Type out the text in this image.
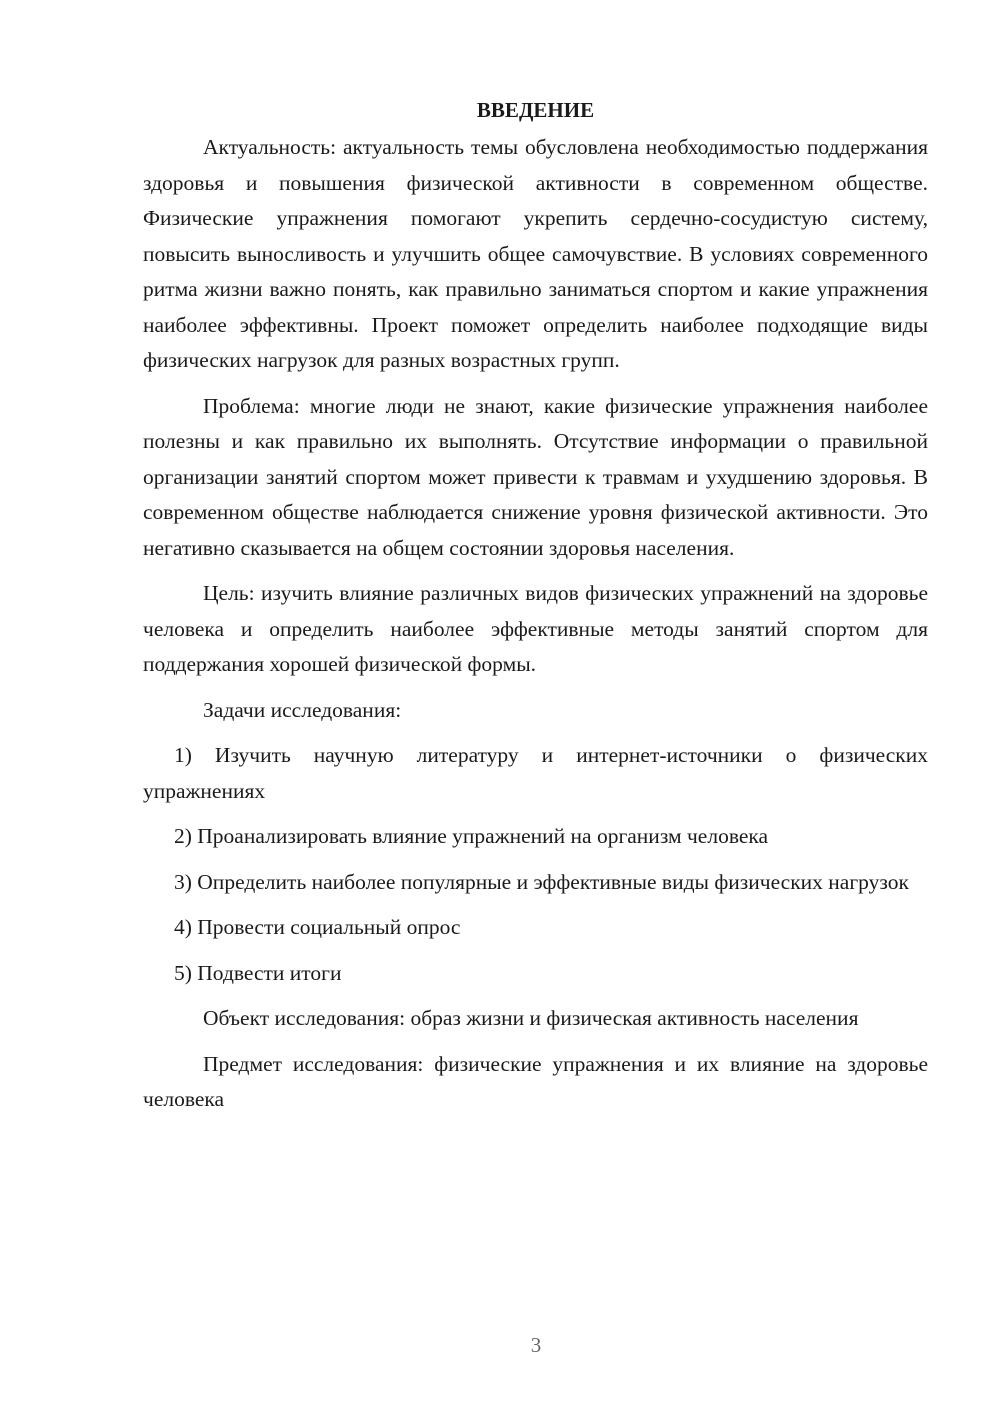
ВВЕДЕНИЕ

Актуальность: актуальность темы обусловлена необходимостью поддержания здоровья и повышения физической активности в современном обществе. Физические упражнения помогают укрепить сердечно-сосудистую систему, повысить выносливость и улучшить общее самочувствие. В условиях современного ритма жизни важно понять, как правильно заниматься спортом и какие упражнения наиболее эффективны. Проект поможет определить наиболее подходящие виды физических нагрузок для разных возрастных групп.

Проблема: многие люди не знают, какие физические упражнения наиболее полезны и как правильно их выполнять. Отсутствие информации о правильной организации занятий спортом может привести к травмам и ухудшению здоровья. В современном обществе наблюдается снижение уровня физической активности. Это негативно сказывается на общем состоянии здоровья населения.

Цель: изучить влияние различных видов физических упражнений на здоровье человека и определить наиболее эффективные методы занятий спортом для поддержания хорошей физической формы.

Задачи исследования:

1) Изучить научную литературу и интернет-источники о физических упражнениях

2) Проанализировать влияние упражнений на организм человека

3) Определить наиболее популярные и эффективные виды физических нагрузок

4) Провести социальный опрос

5) Подвести итоги

Объект исследования: образ жизни и физическая активность населения

Предмет исследования: физические упражнения и их влияние на здоровье человека

3
